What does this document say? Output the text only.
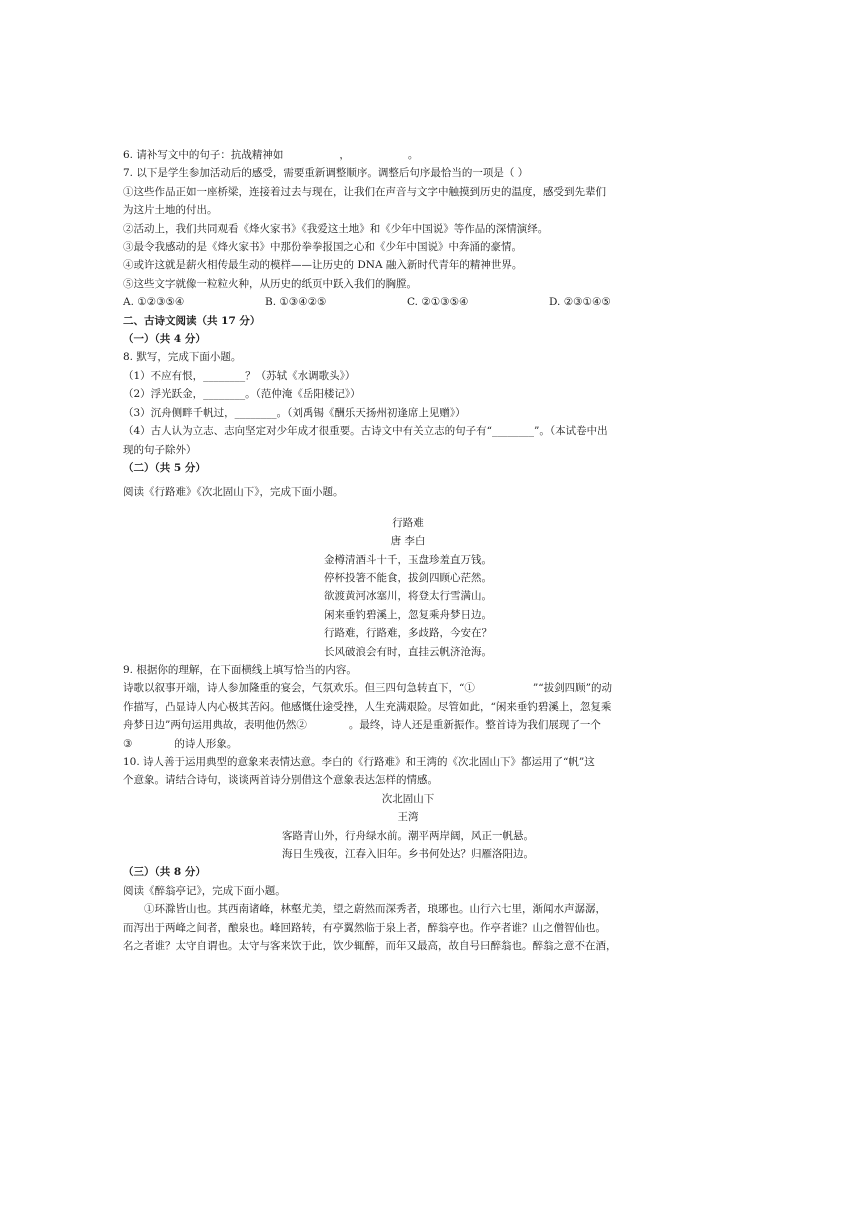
6. 请补写文中的句子：抗战精神如	，	。

7. 以下是学生参加活动后的感受，需要重新调整顺序。调整后句序最恰当的一项是（ ）

①这些作品正如一座桥梁，连接着过去与现在，让我们在声音与文字中触摸到历史的温度，感受到先辈们

为这片土地的付出。

②活动上，我们共同观看《烽火家书》《我爱这土地》和《少年中国说》等作品的深情演绎。

③最令我感动的是《烽火家书》中那份拳拳报国之心和《少年中国说》中奔涌的豪情。

④或许这就是薪火相传最生动的模样——让历史的 DNA 融入新时代青年的精神世界。

⑤这些文字就像一粒粒火种，从历史的纸页中跃入我们的胸膛。

A. ①②③⑤④	B. ①③④②⑤	C. ②①③⑤④	D. ②③①④⑤

二、古诗文阅读（共 17 分）

（一）（共 4 分）

8. 默写，完成下面小题。

（1）不应有恨，________？（苏轼《水调歌头》）

（2）浮光跃金，________。（范仲淹《岳阳楼记》）

（3）沉舟侧畔千帆过，________。（刘禹锡《酬乐天扬州初逢席上见赠》）

（4）古人认为立志、志向坚定对少年成才很重要。古诗文中有关立志的句子有“________”。（本试卷中出

现的句子除外）

（二）（共 5 分）

阅读《行路难》《次北固山下》，完成下面小题。

行路难

唐 李白

金樽清酒斗十千，玉盘珍羞直万钱。

停杯投箸不能食，拔剑四顾心茫然。

欲渡黄河冰塞川，将登太行雪满山。

闲来垂钓碧溪上，忽复乘舟梦日边。

行路难，行路难，多歧路，今安在？

长风破浪会有时，直挂云帆济沧海。

9. 根据你的理解，在下面横线上填写恰当的内容。

诗歌以叙事开端，诗人参加隆重的宴会，气氛欢乐。但三四句急转直下，“①	”“拔剑四顾”的动

作描写，凸显诗人内心极其苦闷。他感慨仕途受挫，人生充满艰险。尽管如此，“闲来垂钓碧溪上，忽复乘

舟梦日边”两句运用典故，表明他仍然②	。最终，诗人还是重新振作。整首诗为我们展现了一个

③	的诗人形象。

10. 诗人善于运用典型的意象来表情达意。李白的《行路难》和王湾的《次北固山下》都运用了“帆”这

个意象。请结合诗句，谈谈两首诗分别借这个意象表达怎样的情感。

次北固山下

王湾

客路青山外，行舟绿水前。潮平两岸阔，风正一帆悬。

海日生残夜，江春入旧年。乡书何处达？归雁洛阳边。

（三）（共 8 分）

阅读《醉翁亭记》，完成下面小题。

①环滁皆山也。其西南诸峰，林壑尤美，望之蔚然而深秀者，琅琊也。山行六七里，渐闻水声潺潺，

而泻出于两峰之间者，酿泉也。峰回路转，有亭翼然临于泉上者，醉翁亭也。作亭者谁？山之僧智仙也。

名之者谁？太守自谓也。太守与客来饮于此，饮少辄醉，而年又最高，故自号曰醉翁也。醉翁之意不在酒，
